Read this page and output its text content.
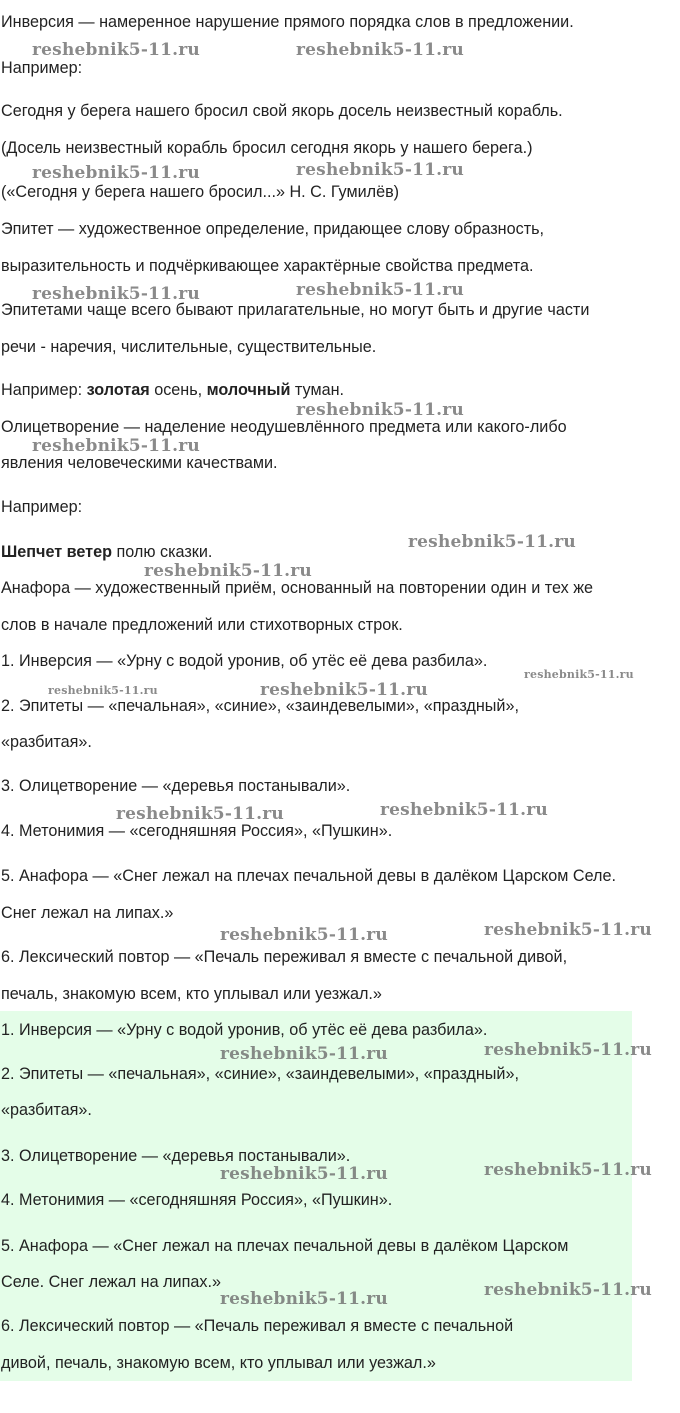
Инверсия — намеренное нарушение прямого порядка слов в предложении.

Например:

Сегодня у берега нашего бросил свой якорь досель неизвестный корабль.

(Досель неизвестный корабль бросил сегодня якорь у нашего берега.)

(«Сегодня у берега нашего бросил...» Н. С. Гумилёв)

Эпитет — художественное определение, придающее слову образность,

выразительность и подчёркивающее характёрные свойства предмета.

Эпитетами чаще всего бывают прилагательные, но могут быть и другие части

речи - наречия, числительные, существительные.

Например: золотая осень, молочный туман.

Олицетворение — наделение неодушевлённого предмета или какого-либо

явления человеческими качествами.

Например:

Шепчет ветер полю сказки.

Анафора — художественный приём, основанный на повторении один и тех же

слов в начале предложений или стихотворных строк.

1. Инверсия — «Урну с водой уронив, об утёс её дева разбила».

2. Эпитеты — «печальная», «синие», «заиндевелыми», «праздный»,

«разбитая».

3. Олицетворение — «деревья постанывали».

4. Метонимия — «сегодняшняя Россия», «Пушкин».

5. Анафора — «Снег лежал на плечах печальной девы в далёком Царском Селе.

Снег лежал на липах.»

6. Лексический повтор — «Печаль переживал я вместе с печальной дивой,

печаль, знакомую всем, кто уплывал или уезжал.»

1. Инверсия — «Урну с водой уронив, об утёс её дева разбила».

2. Эпитеты — «печальная», «синие», «заиндевелыми», «праздный»,

«разбитая».

3. Олицетворение — «деревья постанывали».

4. Метонимия — «сегодняшняя Россия», «Пушкин».

5. Анафора — «Снег лежал на плечах печальной девы в далёком Царском

Селе. Снег лежал на липах.»

6. Лексический повтор — «Печаль переживал я вместе с печальной

дивой, печаль, знакомую всем, кто уплывал или уезжал.»

reshebnik5-11.ru	reshebnik5-11.ru
reshebnik5-11.ru	reshebnik5-11.ru
reshebnik5-11.ru	reshebnik5-11.ru
reshebnik5-11.ru
reshebnik5-11.ru
reshebnik5-11.ru
reshebnik5-11.ru
reshebnik5-11.ru
reshebnik5-11.ru	reshebnik5-11.ru
reshebnik5-11.ru	reshebnik5-11.ru
reshebnik5-11.ru
reshebnik5-11.ru
reshebnik5-11.ru	reshebnik5-11.ru
reshebnik5-11.ru	reshebnik5-11.ru
reshebnik5-11.ru
reshebnik5-11.ru
